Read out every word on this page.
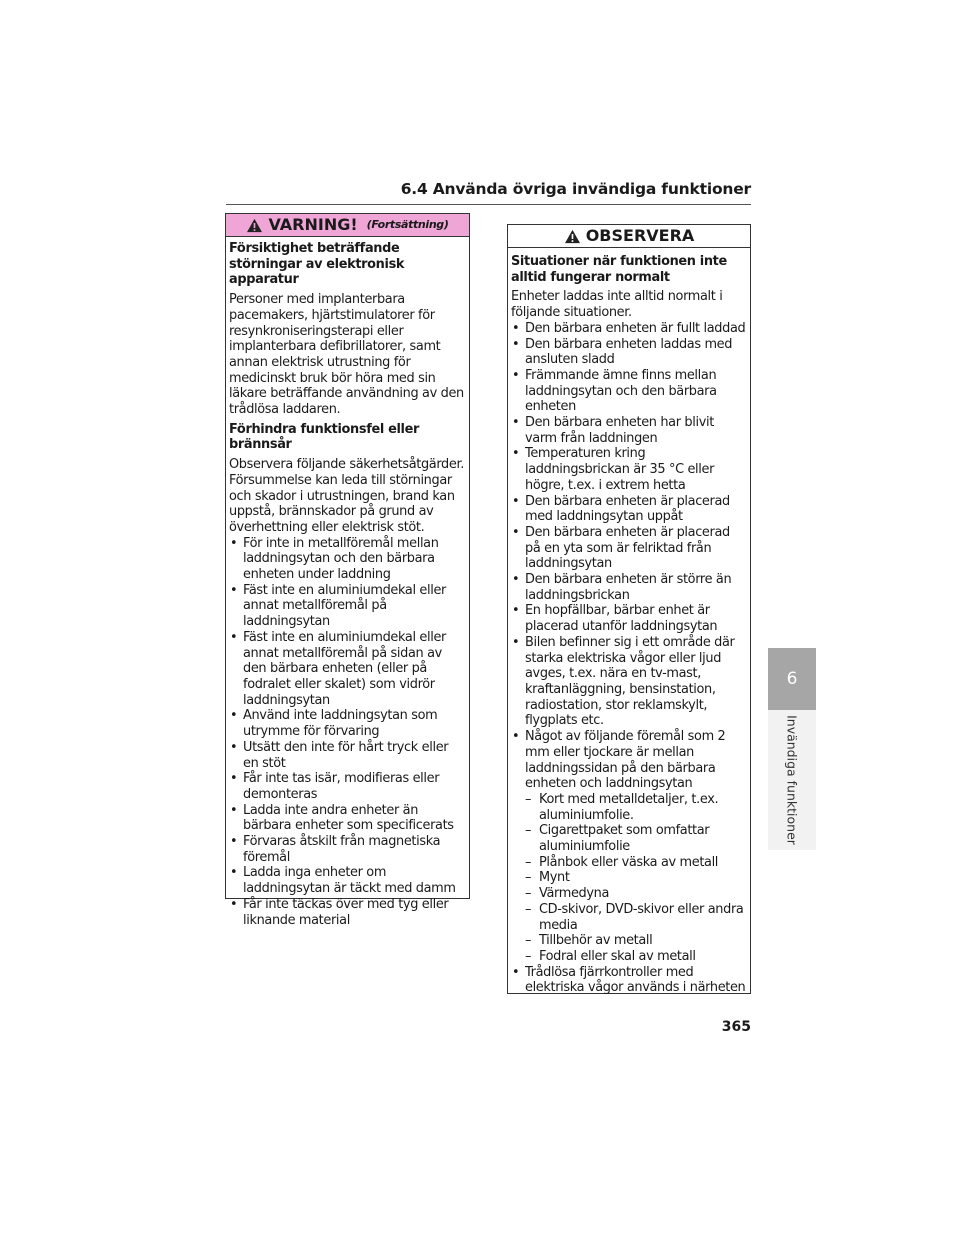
6.4 Använda övriga invändiga funktioner
VARNING! (Fortsättning)
Försiktighet beträffande störningar av elektronisk apparatur
Personer med implanterbara pacemakers, hjärtstimulatorer för resynkroniseringsterapi eller implanterbara defibrillatorer, samt annan elektrisk utrustning för medicinskt bruk bör höra med sin läkare beträffande användning av den trådlösa laddaren.
Förhindra funktionsfel eller brännsår
Observera följande säkerhetsåtgärder. Försummelse kan leda till störningar och skador i utrustningen, brand kan uppstå, brännskador på grund av överhettning eller elektrisk stöt.
• För inte in metallföremål mellan laddningsytan och den bärbara enheten under laddning
• Fäst inte en aluminiumdekal eller annat metallföremål på laddningsytan
• Fäst inte en aluminiumdekal eller annat metallföremål på sidan av den bärbara enheten (eller på fodralet eller skalet) som vidrör laddningsytan
• Använd inte laddningsytan som utrymme för förvaring
• Utsätt den inte för hårt tryck eller en stöt
• Får inte tas isär, modifieras eller demonteras
• Ladda inte andra enheter än bärbara enheter som specificerats
• Förvaras åtskilt från magnetiska föremål
• Ladda inga enheter om laddningsytan är täckt med damm
• Får inte täckas över med tyg eller liknande material
OBSERVERA
Situationer när funktionen inte alltid fungerar normalt
Enheter laddas inte alltid normalt i följande situationer.
• Den bärbara enheten är fullt laddad
• Den bärbara enheten laddas med ansluten sladd
• Främmande ämne finns mellan laddningsytan och den bärbara enheten
• Den bärbara enheten har blivit varm från laddningen
• Temperaturen kring laddningsbrickan är 35 °C eller högre, t.ex. i extrem hetta
• Den bärbara enheten är placerad med laddningsytan uppåt
• Den bärbara enheten är placerad på en yta som är felriktad från laddningsytan
• Den bärbara enheten är större än laddningsbrickan
• En hopfällbar, bärbar enhet är placerad utanför laddningsytan
• Bilen befinner sig i ett område där starka elektriska vågor eller ljud avges, t.ex. nära en tv-mast, kraftanläggning, bensinstation, radiostation, stor reklamskylt, flygplats etc.
• Något av följande föremål som 2 mm eller tjockare är mellan laddningssidan på den bärbara enheten och laddningsytan
– Kort med metalldetaljer, t.ex. aluminiumfolie.
– Cigarettpaket som omfattar aluminiumfolie
– Plånbok eller väska av metall
– Mynt
– Värmedyna
– CD-skivor, DVD-skivor eller andra media
– Tillbehör av metall
– Fodral eller skal av metall
• Trådlösa fjärrkontroller med elektriska vågor används i närheten
6
Invändiga funktioner
365
